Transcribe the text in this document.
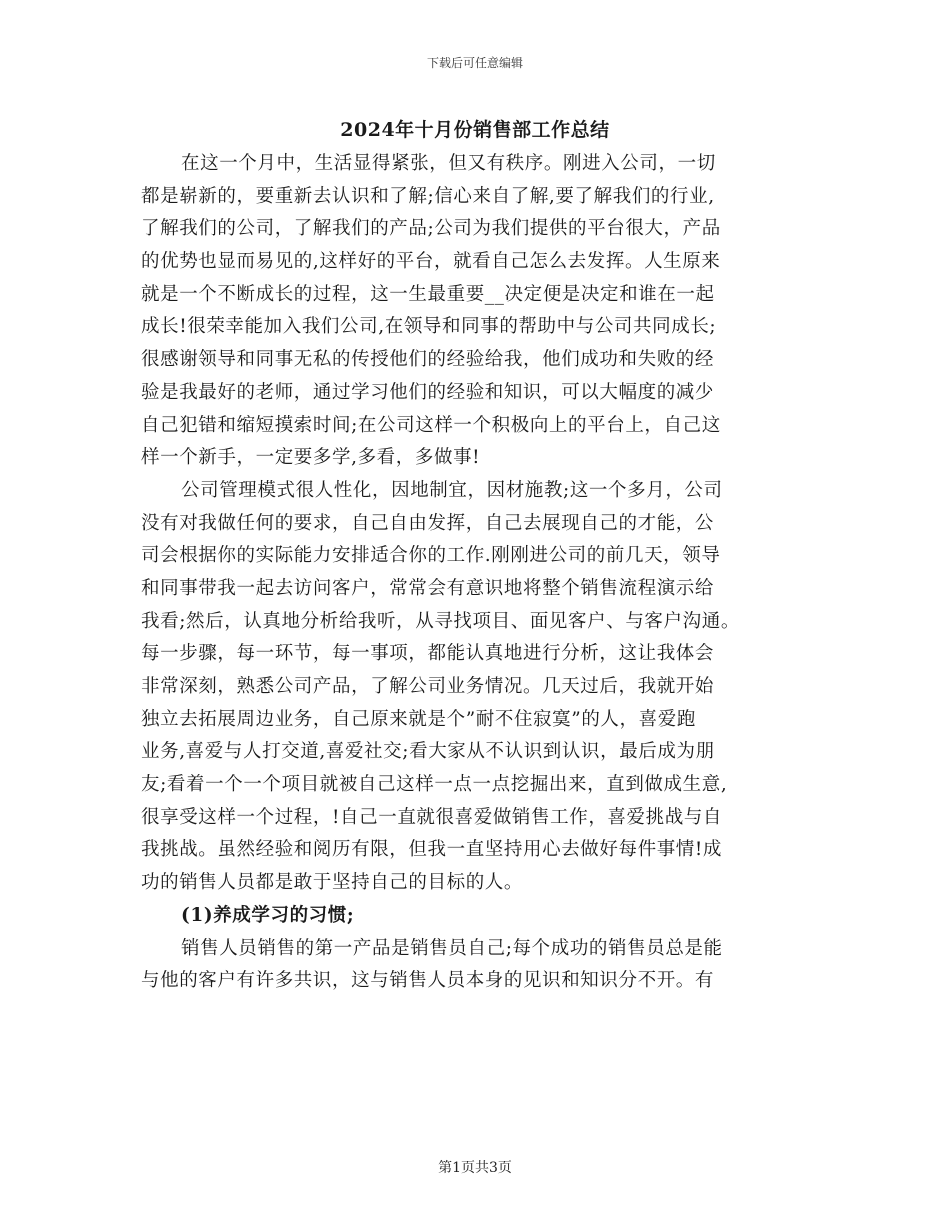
下载后可任意编辑
2024年十月份销售部工作总结
在这一个月中，生活显得紧张，但又有秩序。刚进入公司，一切
都是崭新的，要重新去认识和了解;信心来自了解,要了解我们的行业,
了解我们的公司，了解我们的产品;公司为我们提供的平台很大，产品
的优势也显而易见的,这样好的平台，就看自己怎么去发挥。人生原来
就是一个不断成长的过程，这一生最重要__决定便是决定和谁在一起
成长!很荣幸能加入我们公司,在领导和同事的帮助中与公司共同成长;
很感谢领导和同事无私的传授他们的经验给我，他们成功和失败的经
验是我最好的老师，通过学习他们的经验和知识，可以大幅度的减少
自己犯错和缩短摸索时间;在公司这样一个积极向上的平台上，自己这
样一个新手，一定要多学,多看，多做事!
公司管理模式很人性化，因地制宜，因材施教;这一个多月，公司
没有对我做任何的要求，自己自由发挥，自己去展现自己的才能，公
司会根据你的实际能力安排适合你的工作.刚刚进公司的前几天，领导
和同事带我一起去访问客户，常常会有意识地将整个销售流程演示给
我看;然后，认真地分析给我听，从寻找项目、面见客户、与客户沟通。
每一步骤，每一环节，每一事项，都能认真地进行分析，这让我体会
非常深刻，熟悉公司产品，了解公司业务情况。几天过后，我就开始
独立去拓展周边业务，自己原来就是个”耐不住寂寞”的人，喜爱跑
业务,喜爱与人打交道,喜爱社交;看大家从不认识到认识，最后成为朋
友;看着一个一个项目就被自己这样一点一点挖掘出来，直到做成生意,
很享受这样一个过程，!自己一直就很喜爱做销售工作，喜爱挑战与自
我挑战。虽然经验和阅历有限，但我一直坚持用心去做好每件事情!成
功的销售人员都是敢于坚持自己的目标的人。
(1)养成学习的习惯;
销售人员销售的第一产品是销售员自己;每个成功的销售员总是能
与他的客户有许多共识，这与销售人员本身的见识和知识分不开。有
第1页共3页
